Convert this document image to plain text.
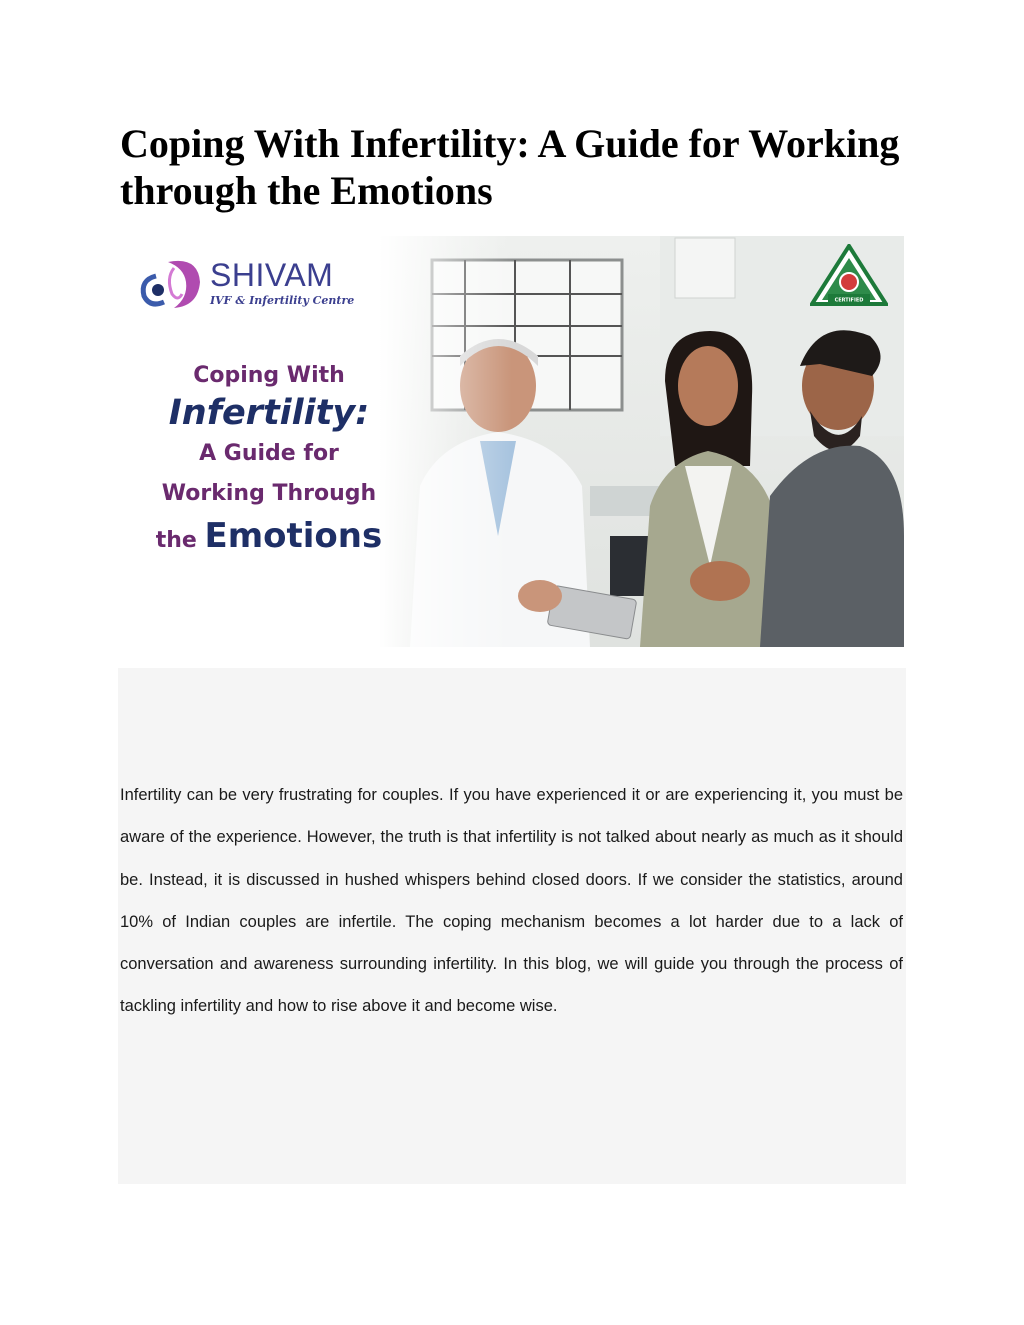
Coping With Infertility: A Guide for Working through the Emotions
SHIVAM
IVF & Infertility Centre
Coping With
Infertility:
A Guide for
Working Through
the Emotions
CERTIFIED

Infertility can be very frustrating for couples. If you have experienced it or are experiencing it, you must be aware of the experience. However, the truth is that infertility is not talked about nearly as much as it should be. Instead, it is discussed in hushed whispers behind closed doors. If we consider the statistics, around 10% of Indian couples are infertile. The coping mechanism becomes a lot harder due to a lack of conversation and awareness surrounding infertility. In this blog, we will guide you through the process of tackling infertility and how to rise above it and become wise.
